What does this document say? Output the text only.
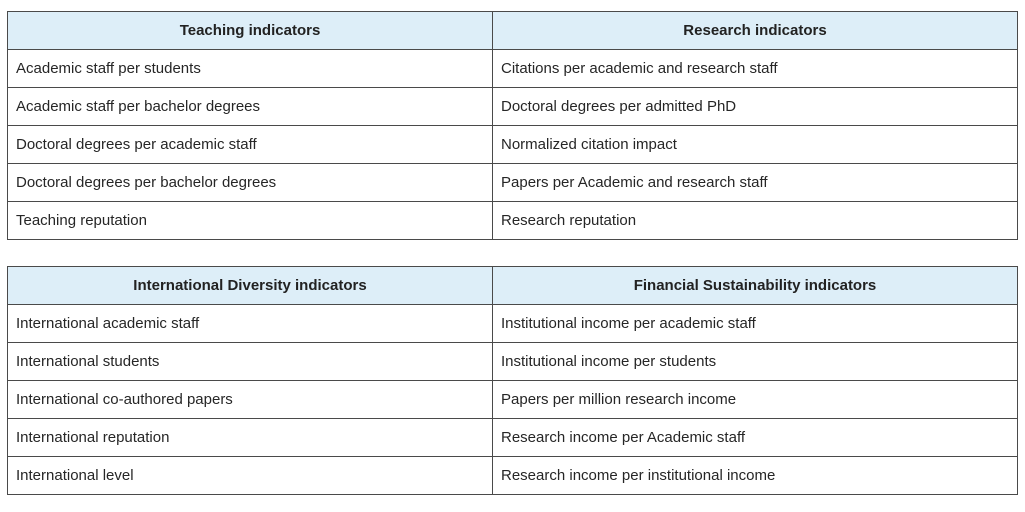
Teaching indicators	Research indicators
Academic staff per students	Citations per academic and research staff
Academic staff per bachelor degrees	Doctoral degrees per admitted PhD
Doctoral degrees per academic staff	Normalized citation impact
Doctoral degrees per bachelor degrees	Papers per Academic and research staff
Teaching reputation	Research reputation
International Diversity indicators	Financial Sustainability indicators
International academic staff	Institutional income per academic staff
International students	Institutional income per students
International co-authored papers	Papers per million research income
International reputation	Research income per Academic staff
International level	Research income per institutional income
